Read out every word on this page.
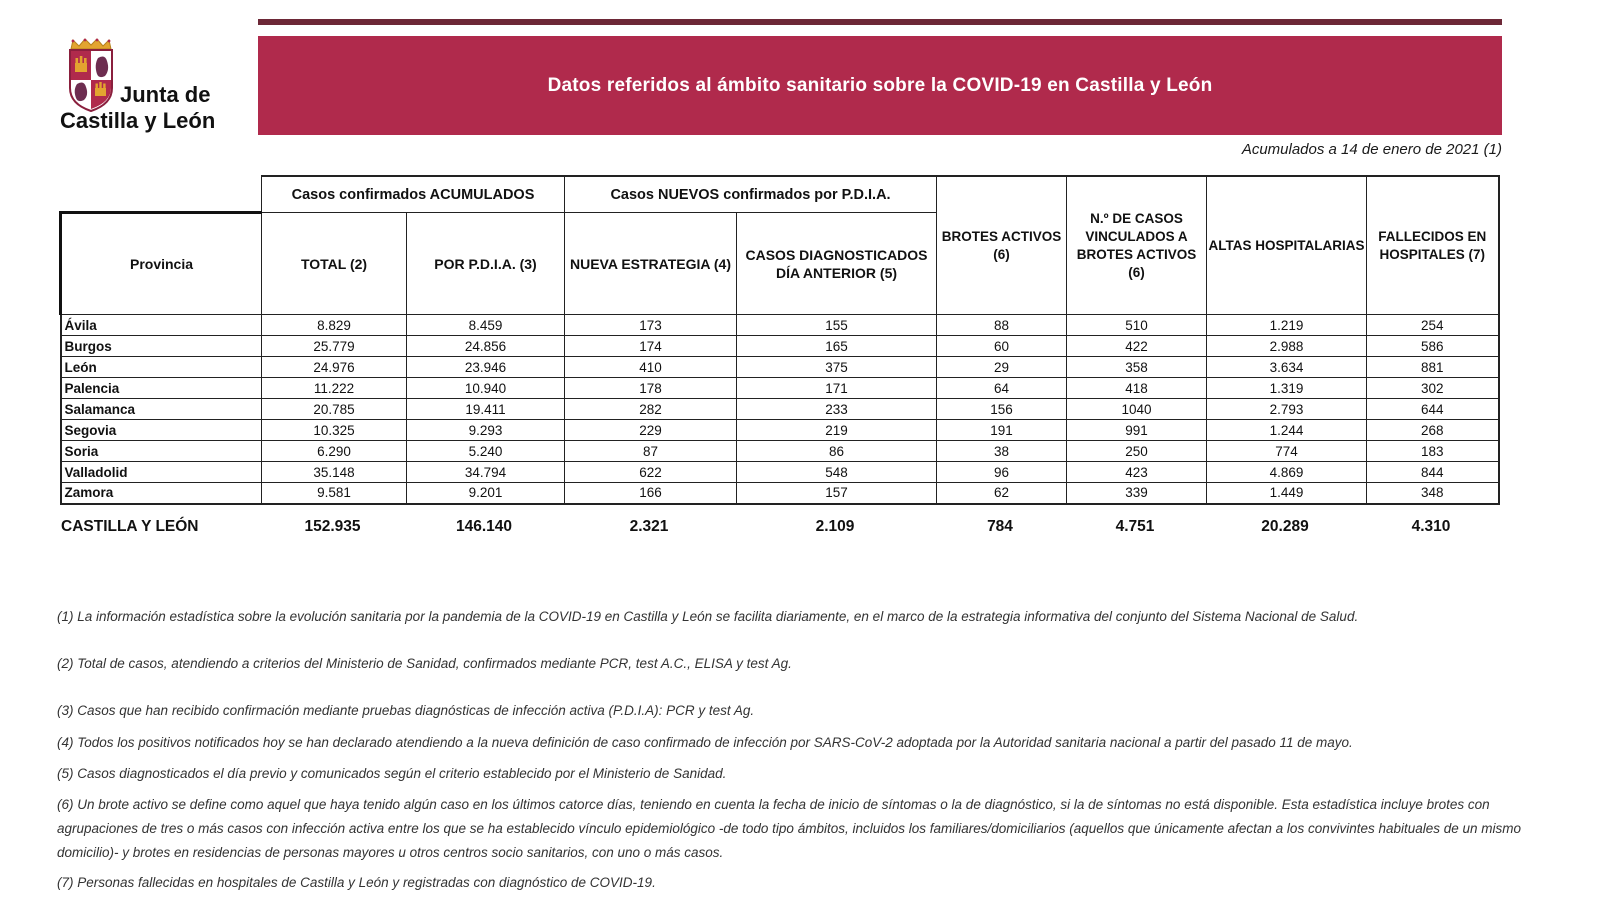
Junta de
Castilla y León
Datos referidos al ámbito sanitario sobre la COVID-19 en Castilla y León
Acumulados a 14 de enero de 2021 (1)
	Casos confirmados ACUMULADOS		Casos NUEVOS confirmados por P.D.I.A.		BROTES ACTIVOS (6)	N.º DE CASOS VINCULADOS A BROTES ACTIVOS (6)	ALTAS HOSPITALARIAS	FALLECIDOS EN HOSPITALES (7)
Provincia	TOTAL (2)	POR P.D.I.A. (3)	NUEVA ESTRATEGIA (4)	CASOS DIAGNOSTICADOS DÍA ANTERIOR (5)				
Ávila	8.829	8.459	173	155	88	510	1.219	254
Burgos	25.779	24.856	174	165	60	422	2.988	586
León	24.976	23.946	410	375	29	358	3.634	881
Palencia	11.222	10.940	178	171	64	418	1.319	302
Salamanca	20.785	19.411	282	233	156	1040	2.793	644
Segovia	10.325	9.293	229	219	191	991	1.244	268
Soria	6.290	5.240	87	86	38	250	774	183
Valladolid	35.148	34.794	622	548	96	423	4.869	844
Zamora	9.581	9.201	166	157	62	339	1.449	348
CASTILLA Y LEÓN	152.935	146.140	2.321	2.109	784	4.751	20.289	4.310

(1) La información estadística sobre la evolución sanitaria por la pandemia de la COVID-19 en Castilla y León se facilita diariamente, en el marco de la estrategia informativa del conjunto del Sistema Nacional de Salud.

(2) Total de casos, atendiendo a criterios del Ministerio de Sanidad, confirmados mediante PCR, test A.C., ELISA y test Ag.

(3) Casos que han recibido confirmación mediante pruebas diagnósticas de infección activa (P.D.I.A): PCR y test Ag.

(4) Todos los positivos notificados hoy se han declarado atendiendo a la nueva definición de caso confirmado de infección por SARS-CoV-2 adoptada por la Autoridad sanitaria nacional a partir del pasado 11 de mayo.

(5) Casos diagnosticados el día previo y comunicados según el criterio establecido por el Ministerio de Sanidad.

(6) Un brote activo se define como aquel que haya tenido algún caso en los últimos catorce días, teniendo en cuenta la fecha de inicio de síntomas o la de diagnóstico, si la de síntomas no está disponible. Esta estadística incluye brotes con agrupaciones de tres o más casos con infección activa entre los que se ha establecido vínculo epidemiológico -de todo tipo ámbitos, incluidos los familiares/domiciliarios (aquellos que únicamente afectan a los convivintes habituales de un mismo domicilio)- y brotes en residencias de personas mayores u otros centros socio sanitarios, con uno o más casos.

(7) Personas fallecidas en hospitales de Castilla y León y registradas con diagnóstico de COVID-19.
